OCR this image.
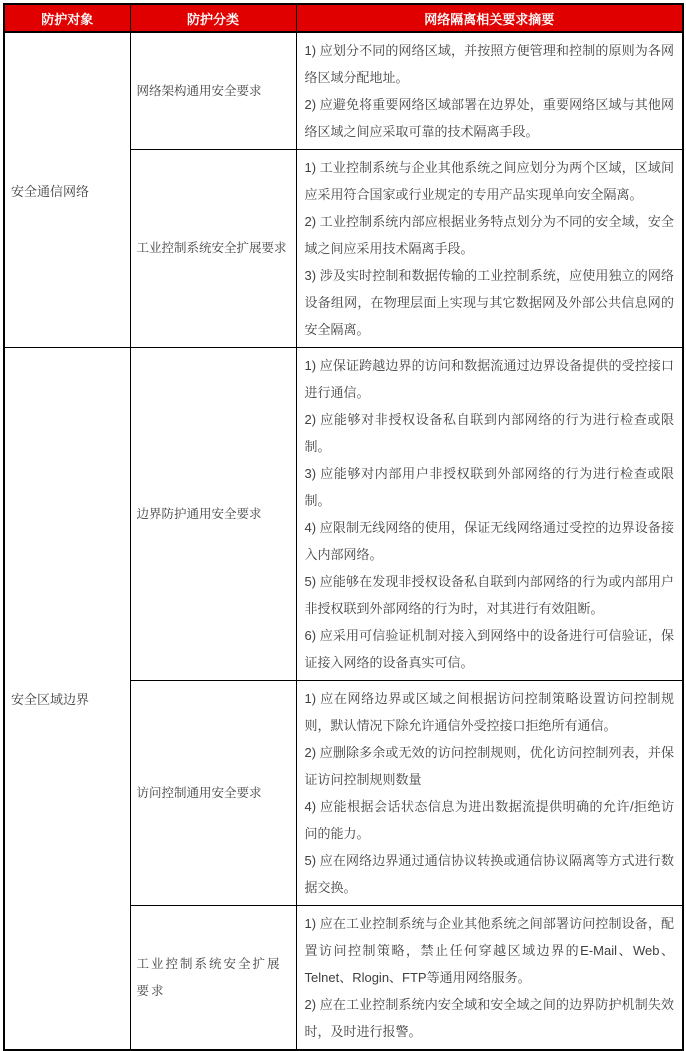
防护对象	防护分类	网络隔离相关要求摘要
安全通信网络	网络架构通用安全要求	1) 应划分不同的网络区域，并按照方便管理和控制的原则为各网络区域分配地址。

2) 应避免将重要网络区域部署在边界处，重要网络区域与其他网络区域之间应采取可靠的技术隔离手段。

	工业控制系统安全扩展要求	1) 工业控制系统与企业其他系统之间应划分为两个区域，区域间应采用符合国家或行业规定的专用产品实现单向安全隔离。

2) 工业控制系统内部应根据业务特点划分为不同的安全域，安全域之间应采用技术隔离手段。

3) 涉及实时控制和数据传输的工业控制系统，应使用独立的网络设备组网，在物理层面上实现与其它数据网及外部公共信息网的安全隔离。

安全区域边界	边界防护通用安全要求	

1) 应保证跨越边界的访问和数据流通过边界设备提供的受控接口进行通信。

2) 应能够对非授权设备私自联到内部网络的行为进行检查或限制。

3) 应能够对内部用户非授权联到外部网络的行为进行检查或限制。

4) 应限制无线网络的使用，保证无线网络通过受控的边界设备接入内部网络。

5) 应能够在发现非授权设备私自联到内部网络的行为或内部用户非授权联到外部网络的行为时，对其进行有效阻断。

6) 应采用可信验证机制对接入到网络中的设备进行可信验证，保证接入网络的设备真实可信。

	访问控制通用安全要求	1) 应在网络边界或区域之间根据访问控制策略设置访问控制规则，默认情况下除允许通信外受控接口拒绝所有通信。

2) 应删除多余或无效的访问控制规则，优化访问控制列表，并保证访问控制规则数量

4) 应能根据会话状态信息为进出数据流提供明确的允许/拒绝访问的能力。

5) 应在网络边界通过通信协议转换或通信协议隔离等方式进行数据交换。

	工业控制系统安全扩展要求	1) 应在工业控制系统与企业其他系统之间部署访问控制设备，配置访问控制策略，禁止任何穿越区域边界的E-Mail、Web、Telnet、Rlogin、FTP等通用网络服务。

2) 应在工业控制系统内安全域和安全域之间的边界防护机制失效时，及时进行报警。
